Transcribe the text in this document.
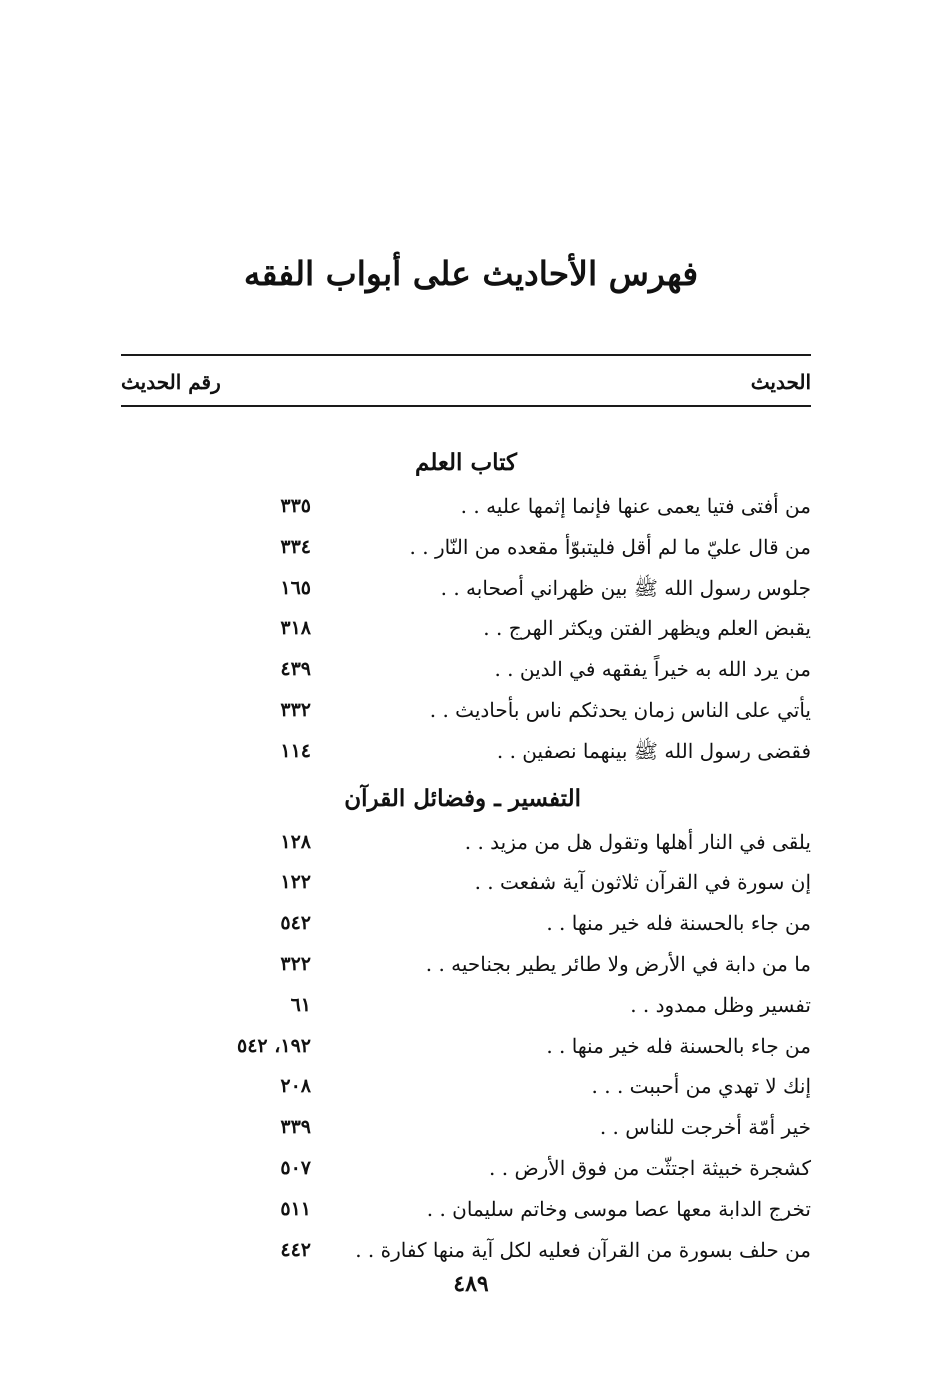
فهرس الأحاديث على أبواب الفقه
الحديث
رقم الحديث
كتاب العلم
من أفتى فتيا يعمى عنها فإنما إثمها عليه . .
٣٣٥
من قال عليّ ما لم أقل فليتبوّأ مقعده من النّار . .
٣٣٤
جلوس رسول الله ﷺ بين ظهراني أصحابه . .
١٦٥
يقبض العلم ويظهر الفتن ويكثر الهرج . .
٣١٨
من يرد الله به خيراً يفقهه في الدين . .
٤٣٩
يأتي على الناس زمان يحدثكم ناس بأحاديث . .
٣٣٢
فقضى رسول الله ﷺ بينهما نصفين . .
١١٤
التفسير ـ وفضائل القرآن
يلقى في النار أهلها وتقول هل من مزيد . .
١٢٨
إن سورة في القرآن ثلاثون آية شفعت . .
١٢٢
من جاء بالحسنة فله خير منها . .
٥٤٢
ما من دابة في الأرض ولا طائر يطير بجناحيه . .
٣٢٢
تفسير وظل ممدود . .
٦١
من جاء بالحسنة فله خير منها . .
١٩٢، ٥٤٢
إنك لا تهدي من أحببت . . .
٢٠٨
خير أمّة أخرجت للناس . .
٣٣٩
كشجرة خبيثة اجتثّت من فوق الأرض . .
٥٠٧
تخرج الدابة معها عصا موسى وخاتم سليمان . .
٥١١
من حلف بسورة من القرآن فعليه لكل آية منها كفارة . .
٤٤٢
٤٨٩
